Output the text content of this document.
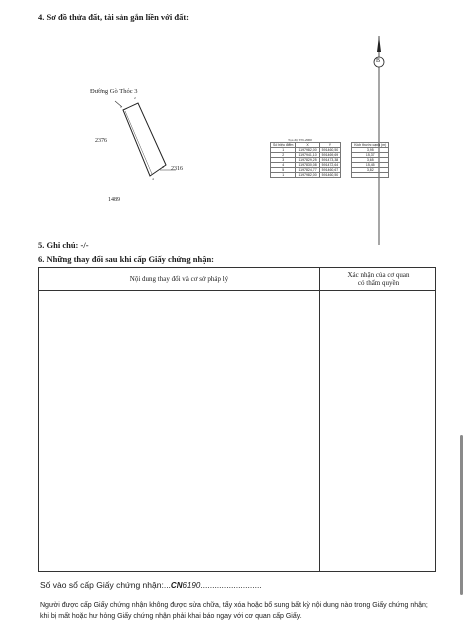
4. Sơ đồ thửa đất, tài sản gắn liền với đất:
Đường Gò Thóc 3
2376
2316
1489
1
2
3
4
B
Tọa độ VN-2000
Số hiệu điểm	X	Y		Kích thước cạnh (m)
1	1197982,00	591460,50		3,95
2	1197941,10	591469,69		15,37
3	1197829,25	591473,38		3,65
4	1197830,08	591472,64		15,45
5	1197824,77	591460,67		3,82
1	1197982,00	591460,50		
5. Ghi chú: -/-
6. Những thay đổi sau khi cấp Giấy chứng nhận:
Nội dung thay đổi và cơ sở pháp lý	Xác nhận của cơ quan
có thẩm quyền
Số vào sổ cấp Giấy chứng nhận:...CN6190..........................
Người được cấp Giấy chứng nhận không được sửa chữa, tẩy xóa hoặc bổ sung bất kỳ nội dung nào trong Giấy chứng nhận; khi bị mất hoặc hư hỏng Giấy chứng nhận phải khai báo ngay với cơ quan cấp Giấy.
